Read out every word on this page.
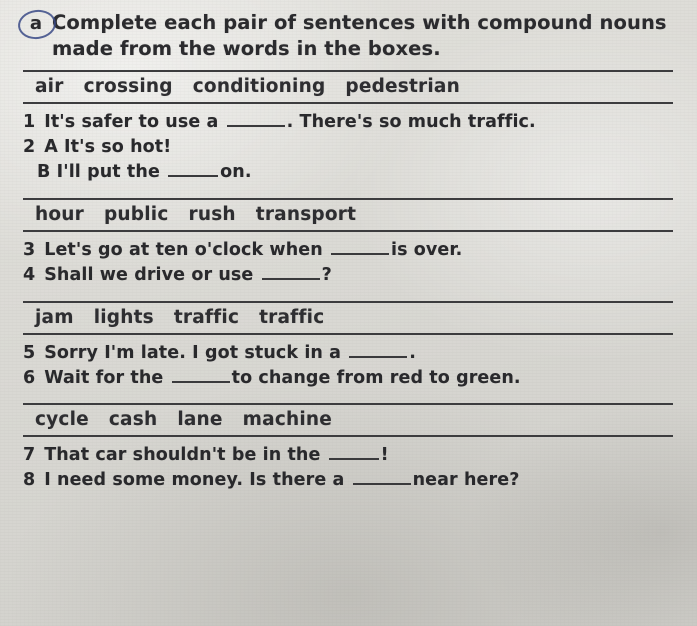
a Complete each pair of sentences with compound nouns made from the words in the boxes.
air crossing conditioning pedestrian
1 It's safer to use a	. There's so much traffic.
2 A It's so hot!
B I'll put the	on.
hour public rush transport
3 Let's go at ten o'clock when	is over.
4 Shall we drive or use	?
jam lights traffic traffic
5 Sorry I'm late. I got stuck in a	.
6 Wait for the	to change from red to green.
cycle cash lane machine
7 That car shouldn't be in the	!
8 I need some money. Is there a	near here?
